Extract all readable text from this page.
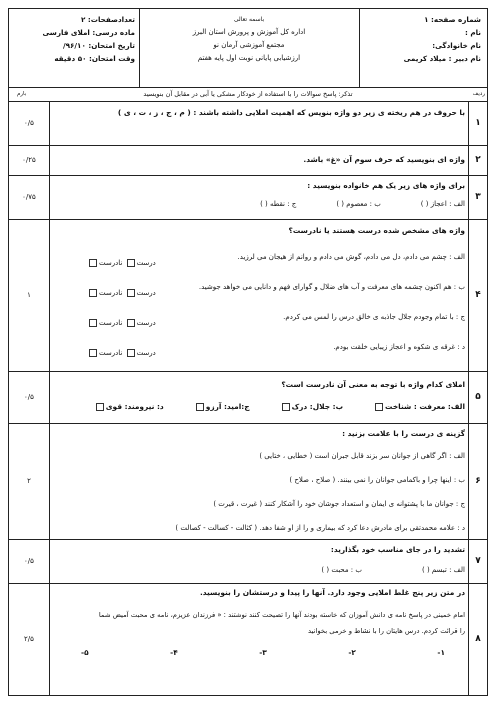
شماره صفحه: ۱
نام :
نام خانوادگی:
نام دبیر : میلاد کریمی
باسمه تعالی
اداره کل آموزش و پرورش استان البرز
مجتمع آموزشی آرمان نو
ارزشیابی پایانی نوبت اول پایه هفتم
تعدادصفحات: ۲
ماده درسی: املای فارسی
تاریخ امتحان: ۹۶/۱۰/
وقت امتحان: ۵۰ دقیقه
ردیف
تذکر: پاسخ سوالات را با استفاده از خودکار مشکی یا آبی در مقابل آن بنویسید
بارم
۱
۰/۵
با حروف در هم ریخته ی زیر دو واژه بنویس که اهمیت املایی داشته باشند : ( م ، ج ، ز ، ت ، ی )
۲
۰/۲۵	واژه ای بنویسید که حرف سوم آن «غ» باشد.
۳
۰/۷۵
برای واژه های زیر یک هم خانواده بنویسید :
الف : اعجاز ( )
ب : معصوم ( )
ج : نقطه ( )
۴
۱
واژه های مشخص شده درست هستند یا نادرست؟
الف : چشم می دادم، دل می دادم، گوش می دادم و روانم از هیجان می لرزید.
ب : هم اکنون چشمه های معرفت و آب های ضلال و گوارای فهم و دانایی می خواهد جوشید.
ج : با تمام وجودم جلال جاذبه ی خالق درس را لمس می کردم.
د : غرقه ی شکوه و اعجاز زیبایی خلقت بودم.
درست نادرست
درست نادرست
درست نادرست
درست نادرست
۵
۰/۵
املای کدام واژه با توجه به معنی آن نادرست است؟
الف: معرفت : شناخت
ب: جلال: درک
ج:امید: آرزو
د: نیرومند: قوی
۶
۲
گزینه ی درست را با علامت بزنید :
الف : اگر گاهی از جوانان سر بزند قابل جبران است ( خطایی ، ختایی )
ب : اینها چرا و باکمامی جوانان را نمی بینند. ( صلاح ، صلاح )
ج : جوانان ما با پشتوانه ی ایمان و استعداد جوشان خود را آشکار کنند ( غیرت ، قیرت )
د : علامه محمدتقی برای مادرش دعا کرد که بیماری و را از او شفا دهد. ( کثالت - کسالت - کصالت )
۷
۰/۵
تشدید را در جای مناسب خود بگذارید:
الف : تبسم ( )
ب : محبت ( )
۸
۲/۵
در متن زیر پنج غلط املایی وجود دارد. آنها را پیدا و درستشان را بنویسید.
امام خمینی در پاسخ نامه ی دانش آموزان که خاسته بودند آنها را تصیحت کنند نوشتند : « فرزندان عزیزم، نامه ی محبت آمیض شما
را قرائت کردم. درس هایتان را با نشاط و خرمی بخوانید
۱-
۲-
۳-
۴-
۵-
